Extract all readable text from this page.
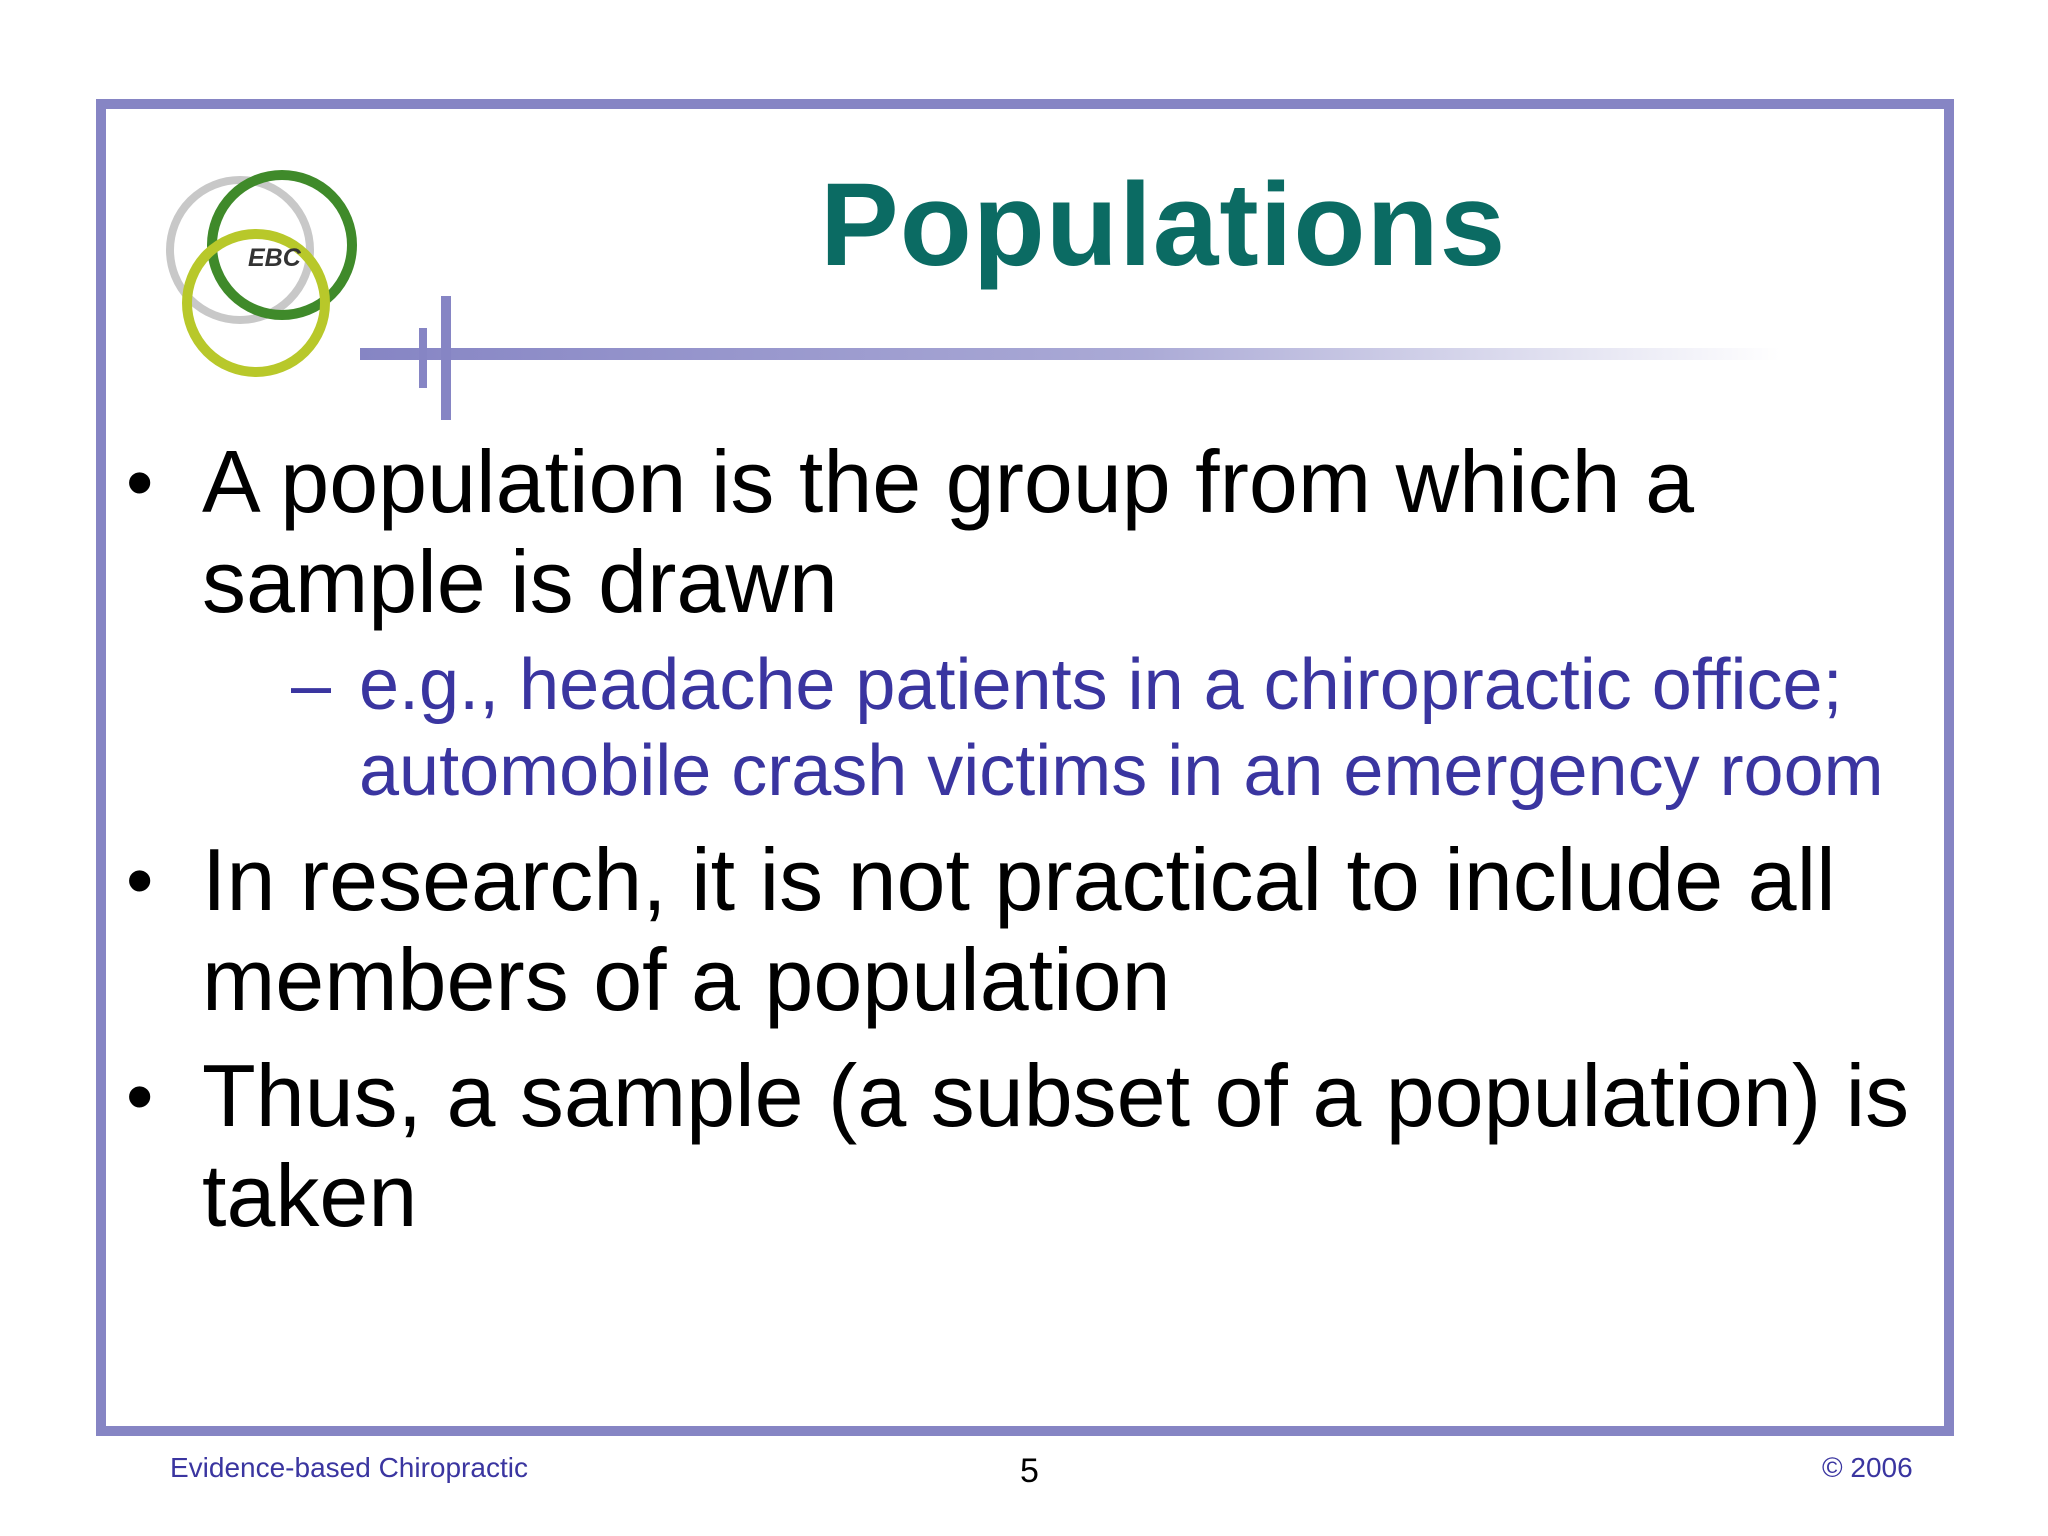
EBC	Populations
• A population is the group from which a sample is drawn
– e.g., headache patients in a chiropractic office; automobile crash victims in an emergency room
• In research, it is not practical to include all members of a population
• Thus, a sample (a subset of a population) is taken
Evidence-based Chiropractic	5	© 2006
